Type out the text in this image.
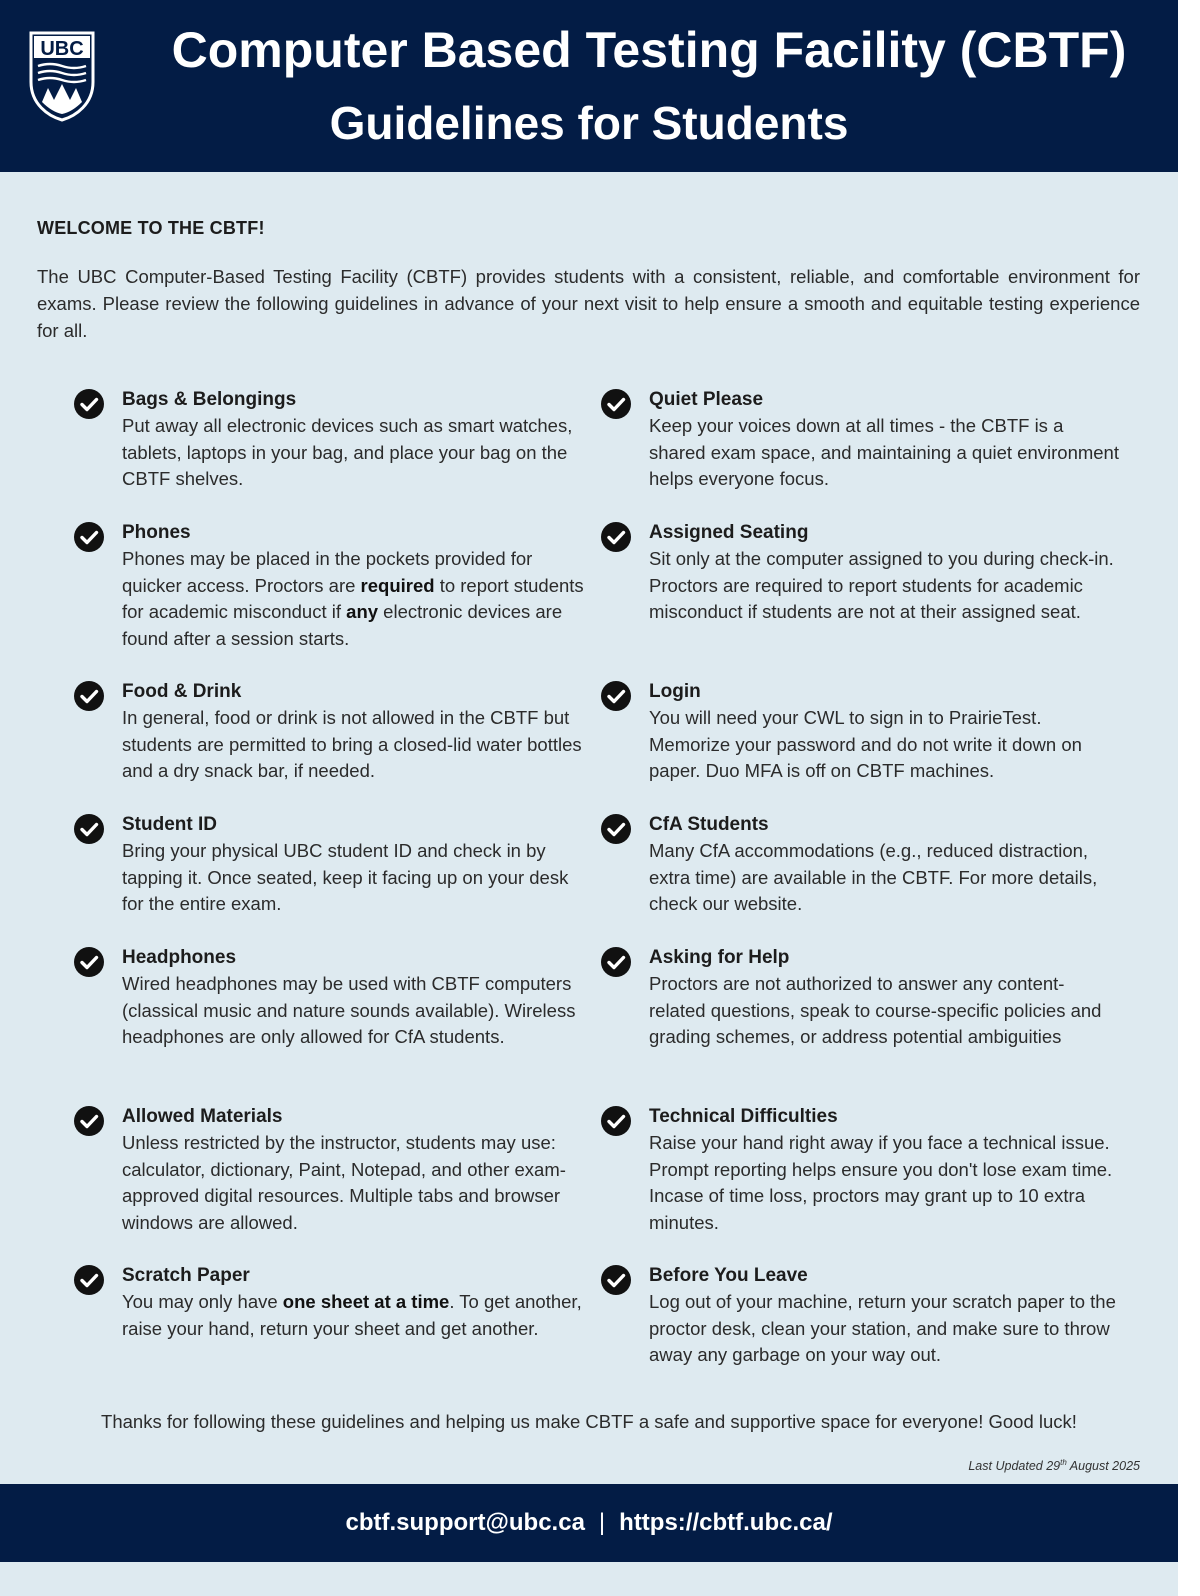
UBC	Computer Based Testing Facility (CBTF)
Guidelines for Students
WELCOME TO THE CBTF!
The UBC Computer-Based Testing Facility (CBTF) provides students with a consistent, reliable, and comfortable environment for exams. Please review the following guidelines in advance of your next visit to help ensure a smooth and equitable testing experience for all.
Bags & Belongings
Put away all electronic devices such as smart watches, tablets, laptops in your bag, and place your bag on the CBTF shelves.
Phones
Phones may be placed in the pockets provided for quicker access. Proctors are required to report students for academic misconduct if any electronic devices are found after a session starts.
Food & Drink
In general, food or drink is not allowed in the CBTF but students are permitted to bring a closed-lid water bottles and a dry snack bar, if needed.
Student ID
Bring your physical UBC student ID and check in by tapping it. Once seated, keep it facing up on your desk for the entire exam.
Headphones
Wired headphones may be used with CBTF computers (classical music and nature sounds available). Wireless headphones are only allowed for CfA students.
Allowed Materials
Unless restricted by the instructor, students may use: calculator, dictionary, Paint, Notepad, and other exam-approved digital resources. Multiple tabs and browser windows are allowed.
Scratch Paper
You may only have one sheet at a time. To get another, raise your hand, return your sheet and get another.
Quiet Please
Keep your voices down at all times - the CBTF is a shared exam space, and maintaining a quiet environment helps everyone focus.
Assigned Seating
Sit only at the computer assigned to you during check-in. Proctors are required to report students for academic misconduct if students are not at their assigned seat.
Login
You will need your CWL to sign in to PrairieTest. Memorize your password and do not write it down on paper. Duo MFA is off on CBTF machines.
CfA Students
Many CfA accommodations (e.g., reduced distraction, extra time) are available in the CBTF. For more details, check our website.
Asking for Help
Proctors are not authorized to answer any content-related questions, speak to course-specific policies and grading schemes, or address potential ambiguities
Technical Difficulties
Raise your hand right away if you face a technical issue. Prompt reporting helps ensure you don't lose exam time. Incase of time loss, proctors may grant up to 10 extra minutes.
Before You Leave
Log out of your machine, return your scratch paper to the proctor desk, clean your station, and make sure to throw away any garbage on your way out.
Thanks for following these guidelines and helping us make CBTF a safe and supportive space for everyone! Good luck!
Last Updated 29th August 2025
cbtf.support@ubc.ca | https://cbtf.ubc.ca/
